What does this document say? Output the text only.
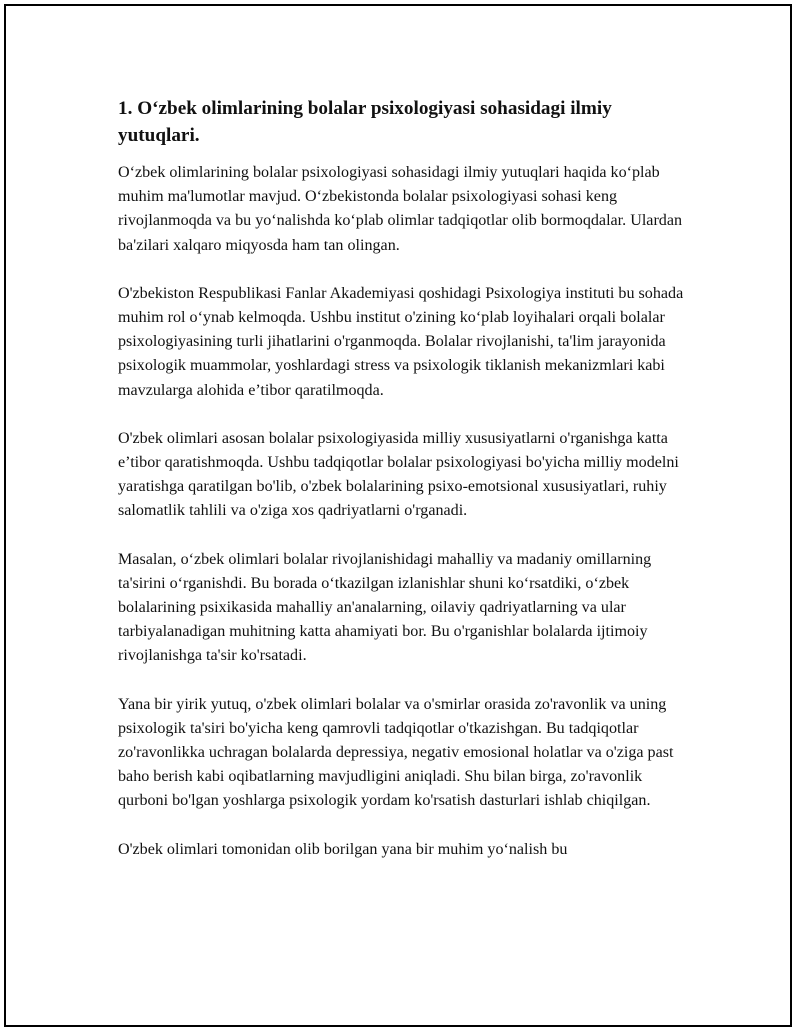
1. O‘zbek olimlarining bolalar psixologiyasi sohasidagi ilmiy yutuqlari.

O‘zbek olimlarining bolalar psixologiyasi sohasidagi ilmiy yutuqlari haqida ko‘plab muhim ma'lumotlar mavjud. O‘zbekistonda bolalar psixologiyasi sohasi keng rivojlanmoqda va bu yo‘nalishda ko‘plab olimlar tadqiqotlar olib bormoqdalar. Ulardan ba'zilari xalqaro miqyosda ham tan olingan.

O'zbekiston Respublikasi Fanlar Akademiyasi qoshidagi Psixologiya instituti bu sohada muhim rol o‘ynab kelmoqda. Ushbu institut o'zining ko‘plab loyihalari orqali bolalar psixologiyasining turli jihatlarini o'rganmoqda. Bolalar rivojlanishi, ta'lim jarayonida psixologik muammolar, yoshlardagi stress va psixologik tiklanish mekanizmlari kabi mavzularga alohida e’tibor qaratilmoqda.

O'zbek olimlari asosan bolalar psixologiyasida milliy xususiyatlarni o'rganishga katta e’tibor qaratishmoqda. Ushbu tadqiqotlar bolalar psixologiyasi bo'yicha milliy modelni yaratishga qaratilgan bo'lib, o'zbek bolalarining psixo-emotsional xususiyatlari, ruhiy salomatlik tahlili va o'ziga xos qadriyatlarni o'rganadi.

Masalan, o‘zbek olimlari bolalar rivojlanishidagi mahalliy va madaniy omillarning ta'sirini o‘rganishdi. Bu borada o‘tkazilgan izlanishlar shuni ko‘rsatdiki, o‘zbek bolalarining psixikasida mahalliy an'analarning, oilaviy qadriyatlarning va ular tarbiyalanadigan muhitning katta ahamiyati bor. Bu o'rganishlar bolalarda ijtimoiy rivojlanishga ta'sir ko'rsatadi.

Yana bir yirik yutuq, o'zbek olimlari bolalar va o'smirlar orasida zo'ravonlik va uning psixologik ta'siri bo'yicha keng qamrovli tadqiqotlar o'tkazishgan. Bu tadqiqotlar zo'ravonlikka uchragan bolalarda depressiya, negativ emosional holatlar va o'ziga past baho berish kabi oqibatlarning mavjudligini aniqladi. Shu bilan birga, zo'ravonlik qurboni bo'lgan yoshlarga psixologik yordam ko'rsatish dasturlari ishlab chiqilgan.

O'zbek olimlari tomonidan olib borilgan yana bir muhim yo‘nalish bu
